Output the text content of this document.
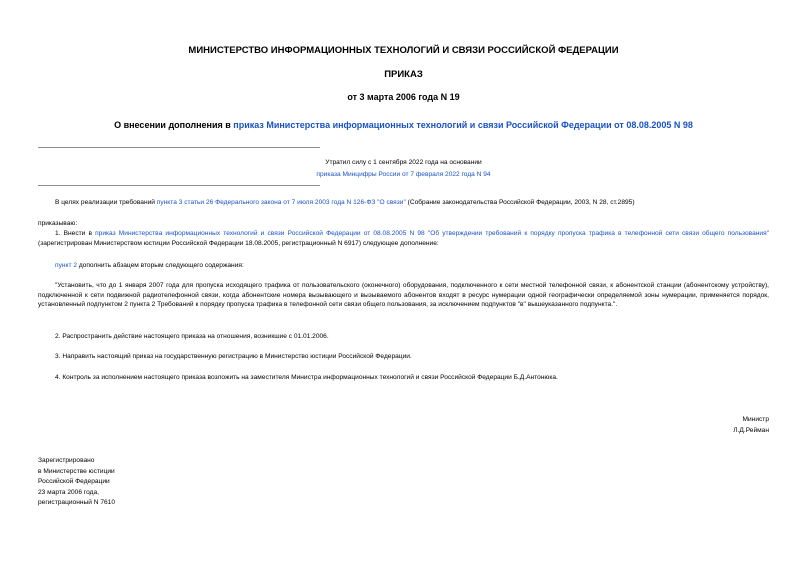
МИНИСТЕРСТВО ИНФОРМАЦИОННЫХ ТЕХНОЛОГИЙ И СВЯЗИ РОССИЙСКОЙ ФЕДЕРАЦИИ
ПРИКАЗ
от 3 марта 2006 года N 19
О внесении дополнения в приказ Министерства информационных технологий и связи Российской Федерации от 08.08.2005 N 98
Утратил силу с 1 сентября 2022 года на основании
приказа Минцифры России от 7 февраля 2022 года N 94
В целях реализации требований пункта 3 статьи 26 Федерального закона от 7 июля 2003 года N 126-ФЗ "О связи" (Собрание законодательства Российской Федерации, 2003, N 28, ст.2895)
приказываю:
1. Внести в приказ Министерства информационных технологий и связи Российской Федерации от 08.08.2005 N 98 "Об утверждении требований к порядку пропуска трафика в телефонной сети связи общего пользования" (зарегистрирован Министерством юстиции Российской Федерации 18.08.2005, регистрационный N 6917) следующее дополнение:
пункт 2 дополнить абзацем вторым следующего содержания:
"Установить, что до 1 января 2007 года для пропуска исходящего трафика от пользовательского (оконечного) оборудования, подключенного к сети местной телефонной связи, к абонентской станции (абонентскому устройству), подключенной к сети подвижной радиотелефонной связи, когда абонентские номера вызывающего и вызываемого абонентов входят в ресурс нумерации одной географически определяемой зоны нумерации, применяется порядок, установленный подпунктом 2 пункта 2 Требований к порядку пропуска трафика в телефонной сети связи общего пользования, за исключением подпунктов "в" вышеуказанного подпункта.".
2. Распространить действие настоящего приказа на отношения, возникшие с 01.01.2006.
3. Направить настоящий приказ на государственную регистрацию в Министерство юстиции Российской Федерации.
4. Контроль за исполнением настоящего приказа возложить на заместителя Министра информационных технологий и связи Российской Федерации Б.Д.Антонюка.
Министр
Л.Д.Рейман
Зарегистрировано
в Министерстве юстиции
Российской Федерации
23 марта 2006 года,
регистрационный N 7610
